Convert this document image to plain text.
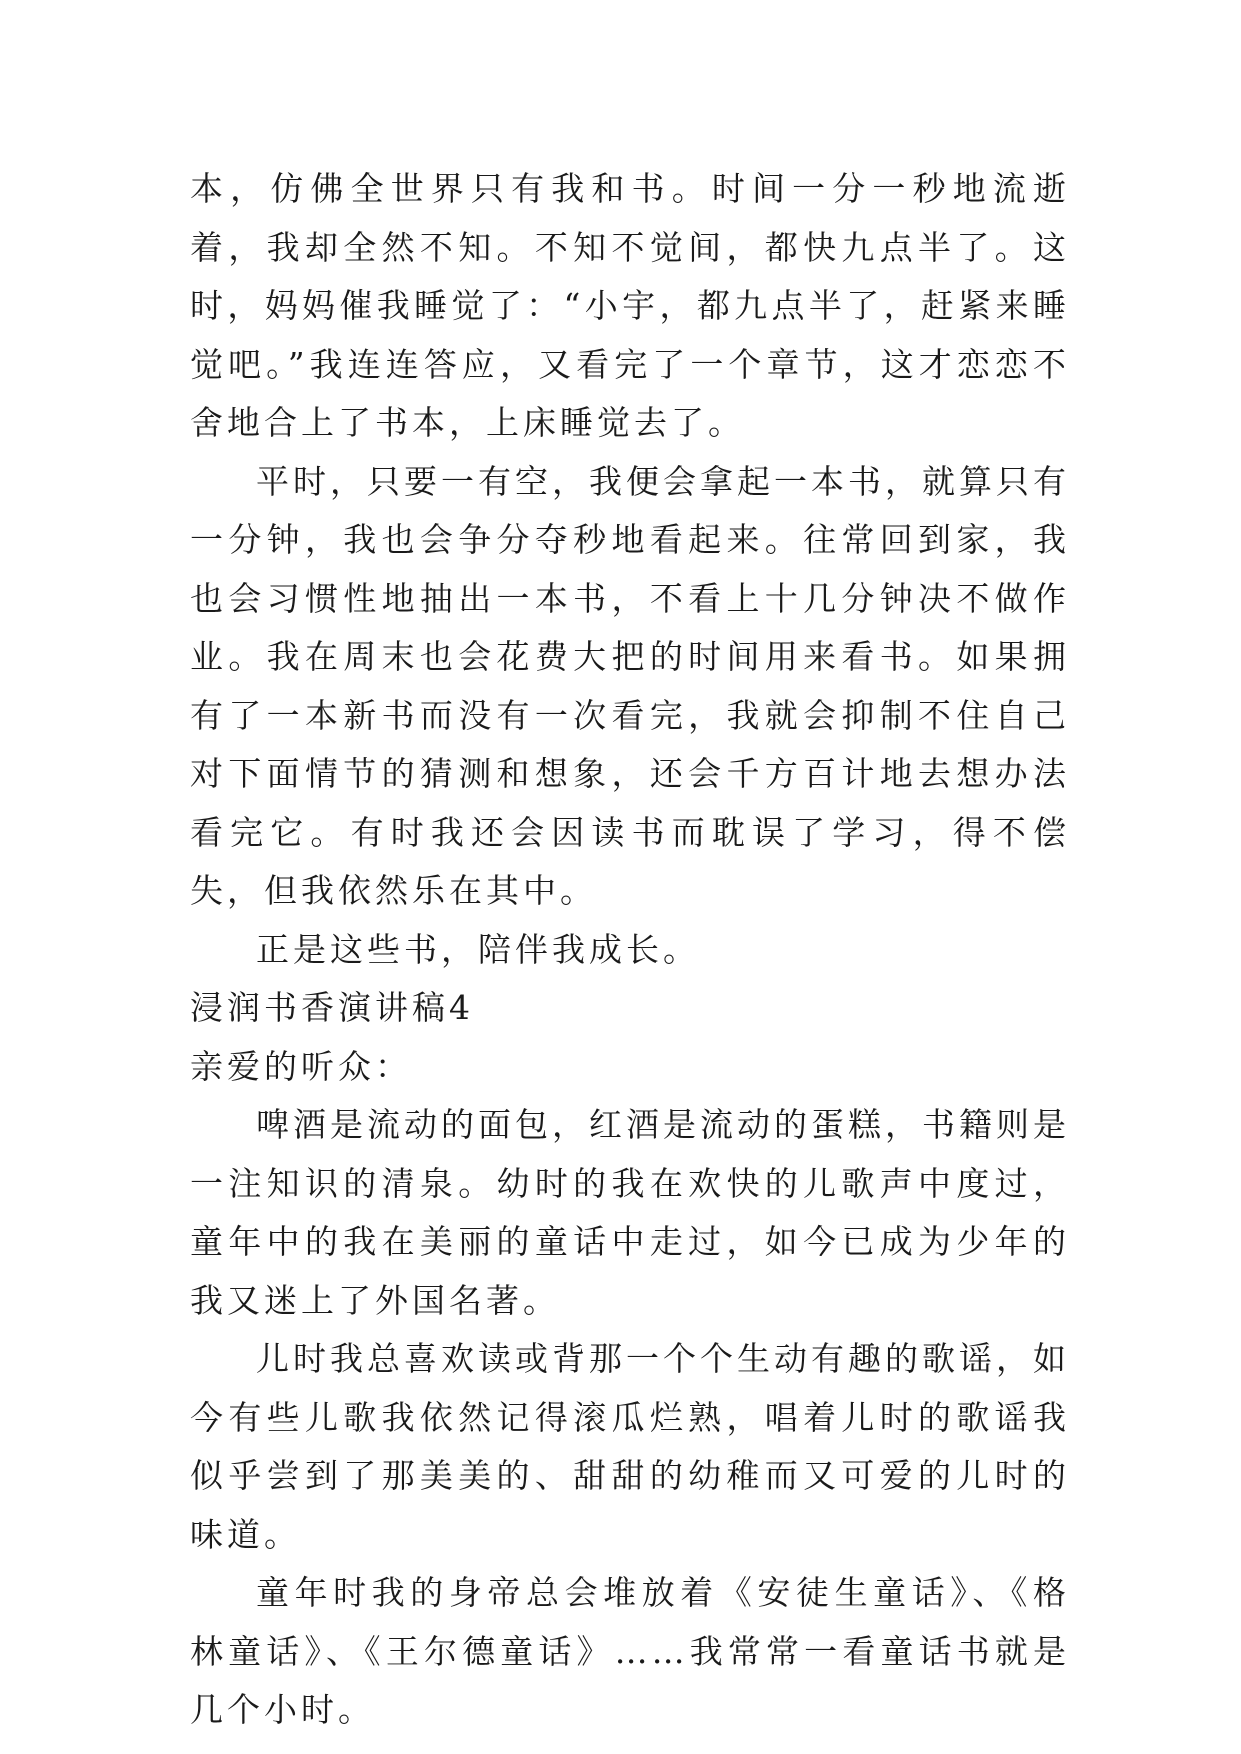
本，仿佛全世界只有我和书。时间一分一秒地流逝着，我却全然不知。不知不觉间，都快九点半了。这时，妈妈催我睡觉了：“小宇，都九点半了，赶紧来睡觉吧。”我连连答应，又看完了一个章节，这才恋恋不舍地合上了书本，上床睡觉去了。

平时，只要一有空，我便会拿起一本书，就算只有一分钟，我也会争分夺秒地看起来。往常回到家，我也会习惯性地抽出一本书，不看上十几分钟决不做作业。我在周末也会花费大把的时间用来看书。如果拥有了一本新书而没有一次看完，我就会抑制不住自己对下面情节的猜测和想象，还会千方百计地去想办法看完它。有时我还会因读书而耽误了学习，得不偿失，但我依然乐在其中。

正是这些书，陪伴我成长。

浸润书香演讲稿4

亲爱的听众：

啤酒是流动的面包，红酒是流动的蛋糕，书籍则是一注知识的清泉。幼时的我在欢快的儿歌声中度过，童年中的我在美丽的童话中走过，如今已成为少年的我又迷上了外国名著。

儿时我总喜欢读或背那一个个生动有趣的歌谣，如今有些儿歌我依然记得滚瓜烂熟，唱着儿时的歌谣我似乎尝到了那美美的、甜甜的幼稚而又可爱的儿时的味道。

童年时我的身帝总会堆放着《安徒生童话》、《格林童话》、《王尔德童话》……我常常一看童话书就是几个小时。
